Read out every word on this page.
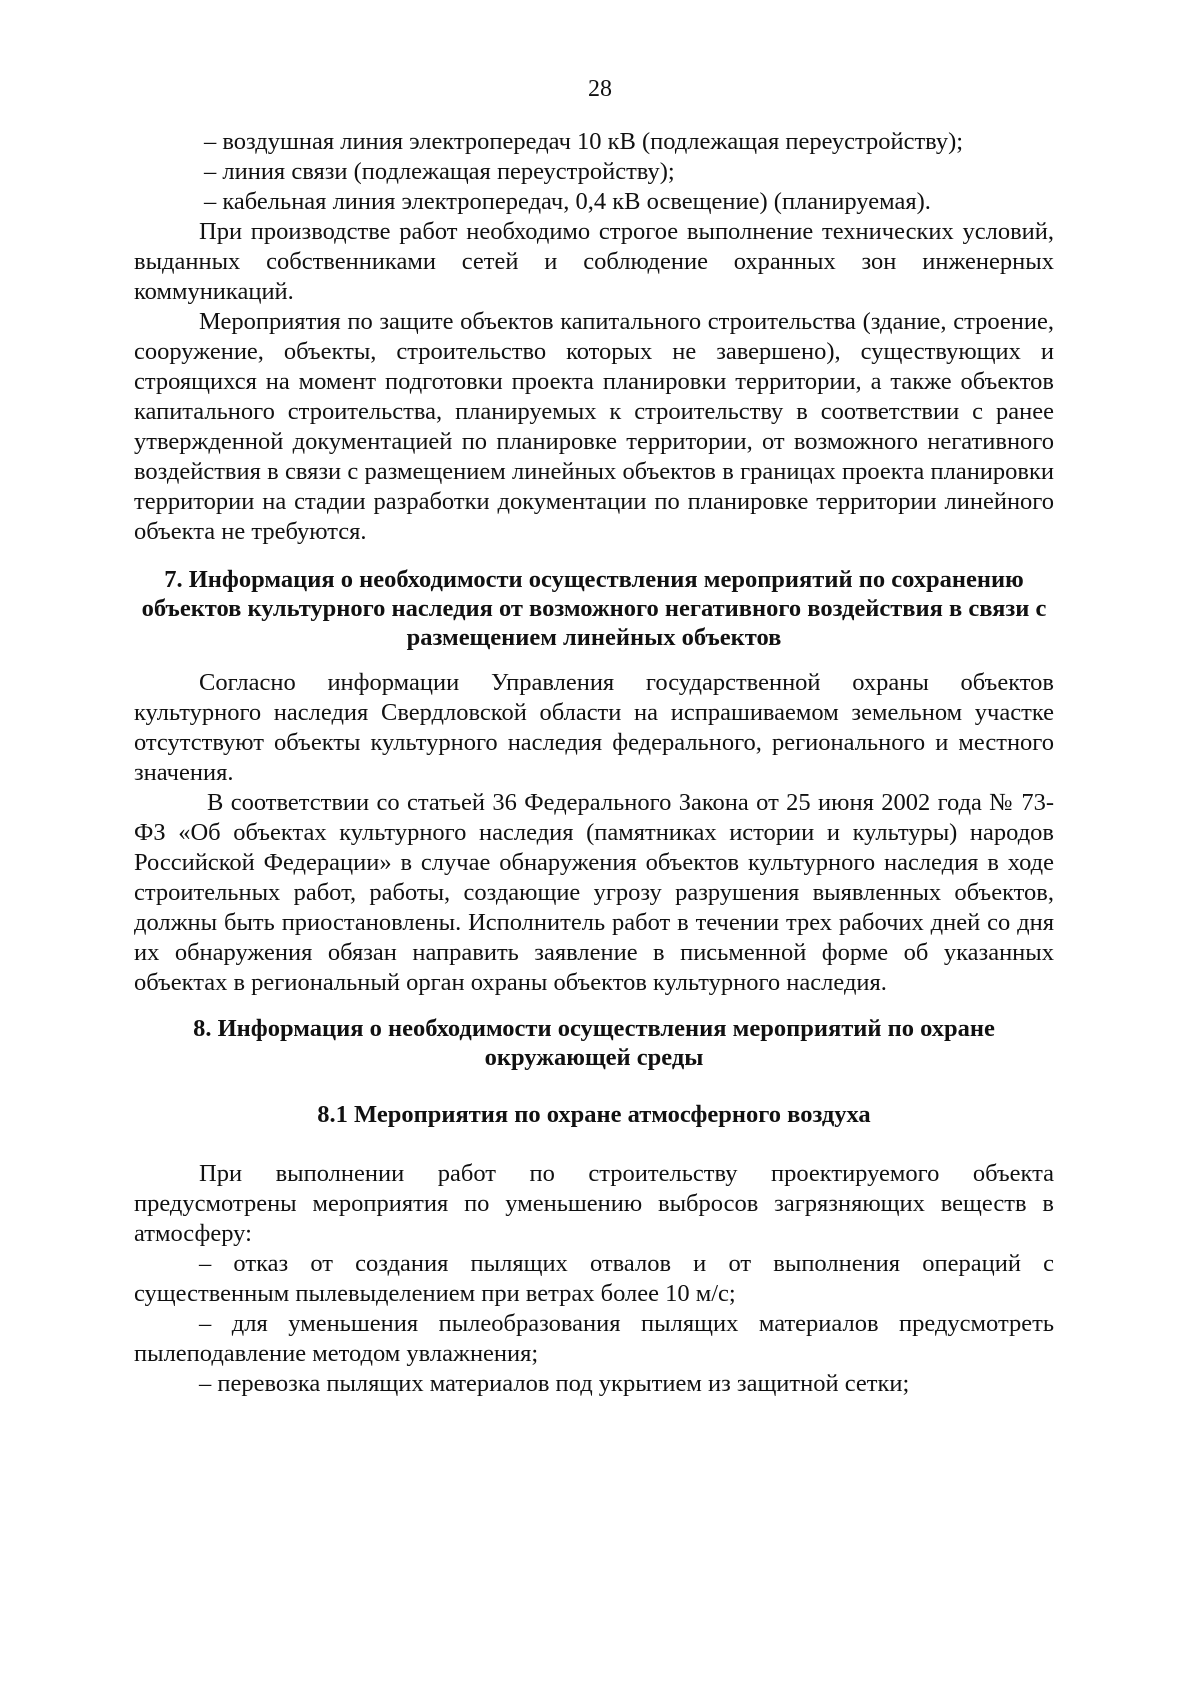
28

– воздушная линия электропередач 10 кВ (подлежащая переустройству);

– линия связи (подлежащая переустройству);

– кабельная линия электропередач, 0,4 кВ освещение) (планируемая).

При производстве работ необходимо строгое выполнение технических условий, выданных собственниками сетей и соблюдение охранных зон инженерных коммуникаций.

Мероприятия по защите объектов капитального строительства (здание, строение, сооружение, объекты, строительство которых не завершено), существующих и строящихся на момент подготовки проекта планировки территории, а также объектов капитального строительства, планируемых к строительству в соответствии с ранее утвержденной документацией по планировке территории, от возможного негативного воздействия в связи с размещением линейных объектов в границах проекта планировки территории на стадии разработки документации по планировке территории линейного объекта не требуются.

7. Информация о необходимости осуществления мероприятий по сохранению объектов культурного наследия от возможного негативного воздействия в связи с размещением линейных объектов

Согласно информации Управления государственной охраны объектов культурного наследия Свердловской области на испрашиваемом земельном участке отсутствуют объекты культурного наследия федерального, регионального и местного значения.

В соответствии со статьей 36 Федерального Закона от 25 июня 2002 года № 73-ФЗ «Об объектах культурного наследия (памятниках истории и культуры) народов Российской Федерации» в случае обнаружения объектов культурного наследия в ходе строительных работ, работы, создающие угрозу разрушения выявленных объектов, должны быть приостановлены. Исполнитель работ в течении трех рабочих дней со дня их обнаружения обязан направить заявление в письменной форме об указанных объектах в региональный орган охраны объектов культурного наследия.

8. Информация о необходимости осуществления мероприятий по охране окружающей среды
8.1 Мероприятия по охране атмосферного воздуха

При выполнении работ по строительству проектируемого объекта предусмотрены мероприятия по уменьшению выбросов загрязняющих веществ в атмосферу:

– отказ от создания пылящих отвалов и от выполнения операций с существенным пылевыделением при ветрах более 10 м/с;

– для уменьшения пылеобразования пылящих материалов предусмотреть пылеподавление методом увлажнения;

– перевозка пылящих материалов под укрытием из защитной сетки;
